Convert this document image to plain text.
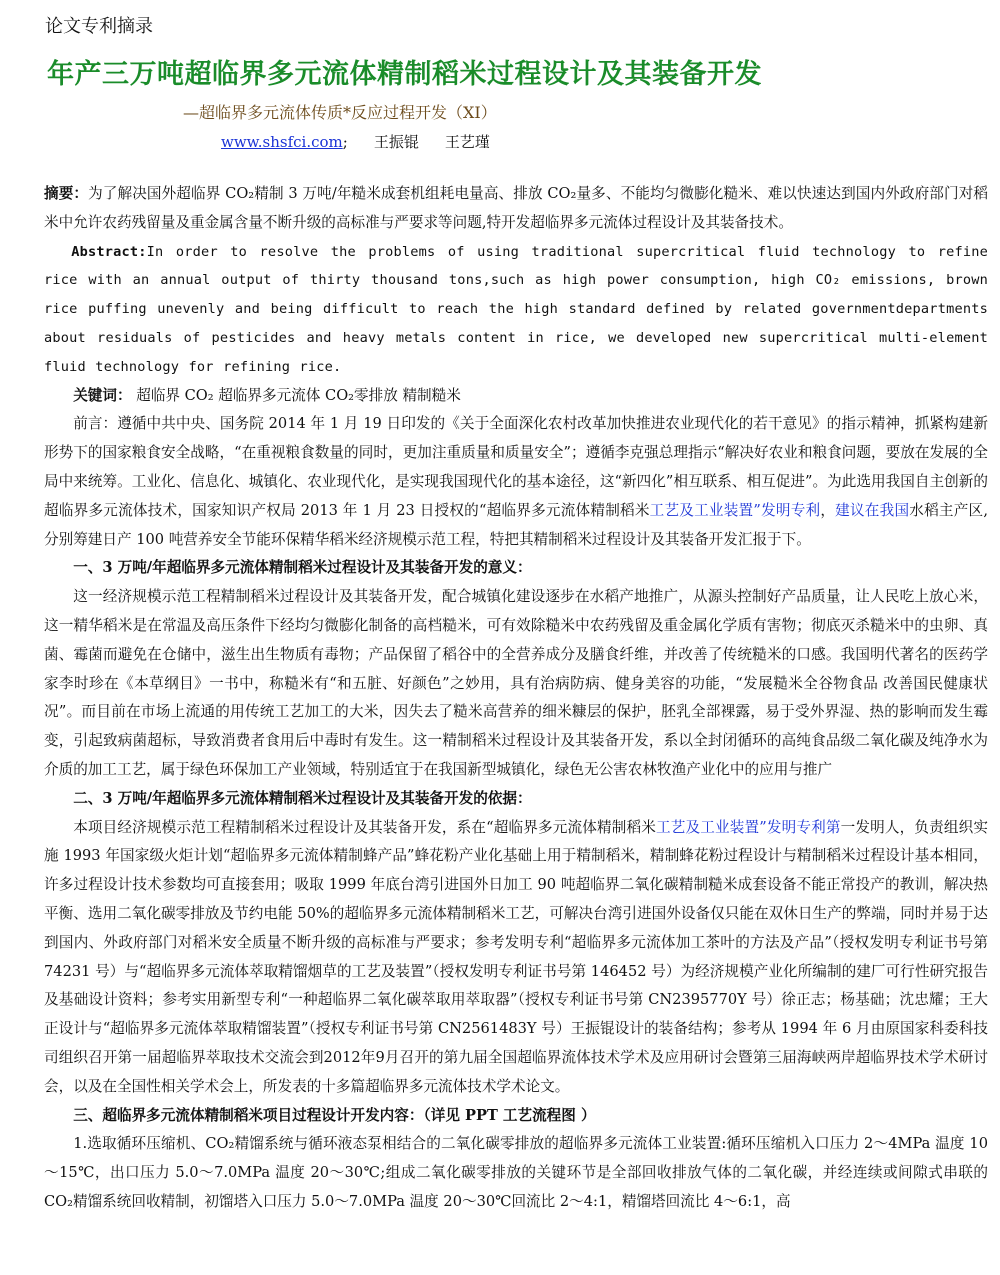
论文专利摘录
年产三万吨超临界多元流体精制稻米过程设计及其装备开发
—超临界多元流体传质*反应过程开发（XI）
www.shsfci.com; 王振锟 王艺瑾

摘要：为了解决国外超临界 CO₂精制 3 万吨/年糙米成套机组耗电量高、排放 CO₂量多、不能均匀微膨化糙米、难以快速达到国内外政府部门对稻米中允许农药残留量及重金属含量不断升级的高标准与严要求等问题,特开发超临界多元流体过程设计及其装备技术。

Abstract:In order to resolve the problems of using traditional supercritical fluid technology to refine rice with an annual output of thirty thousand tons,such as high power consumption, high CO₂ emissions, brown rice puffing unevenly and being difficult to reach the high standard defined by related governmentdepartments about residuals of pesticides and heavy metals content in rice, we developed new supercritical multi-element fluid technology for refining rice.

关键词： 超临界 CO₂ 超临界多元流体 CO₂零排放 精制糙米

前言：遵循中共中央、国务院 2014 年 1 月 19 日印发的《关于全面深化农村改革加快推进农业现代化的若干意见》的指示精神，抓紧构建新形势下的国家粮食安全战略，“在重视粮食数量的同时，更加注重质量和质量安全”；遵循李克强总理指示“解决好农业和粮食问题，要放在发展的全局中来统筹。工业化、信息化、城镇化、农业现代化，是实现我国现代化的基本途径，这“新四化”相互联系、相互促进”。为此选用我国自主创新的超临界多元流体技术，国家知识产权局 2013 年 1 月 23 日授权的“超临界多元流体精制稻米工艺及工业装置”发明专利，建议在我国水稻主产区,分别筹建日产 100 吨营养安全节能环保精华稻米经济规模示范工程，特把其精制稻米过程设计及其装备开发汇报于下。

一、3 万吨/年超临界多元流体精制稻米过程设计及其装备开发的意义：

这一经济规模示范工程精制稻米过程设计及其装备开发，配合城镇化建设逐步在水稻产地推广，从源头控制好产品质量，让人民吃上放心米，这一精华稻米是在常温及高压条件下经均匀微膨化制备的高档糙米，可有效除糙米中农药残留及重金属化学质有害物；彻底灭杀糙米中的虫卵、真菌、霉菌而避免在仓储中，滋生出生物质有毒物；产品保留了稻谷中的全营养成分及膳食纤维，并改善了传统糙米的口感。我国明代著名的医药学家李时珍在《本草纲目》一书中，称糙米有“和五脏、好颜色”之妙用，具有治病防病、健身美容的功能，“发展糙米全谷物食品 改善国民健康状况”。而目前在市场上流通的用传统工艺加工的大米，因失去了糙米高营养的细米糠层的保护，胚乳全部裸露，易于受外界湿、热的影响而发生霉变，引起致病菌超标，导致消费者食用后中毒时有发生。这一精制稻米过程设计及其装备开发，系以全封闭循环的高纯食品级二氧化碳及纯净水为介质的加工工艺，属于绿色环保加工产业领域，特别适宜于在我国新型城镇化，绿色无公害农林牧渔产业化中的应用与推广

二、3 万吨/年超临界多元流体精制稻米过程设计及其装备开发的依据：

本项目经济规模示范工程精制稻米过程设计及其装备开发，系在“超临界多元流体精制稻米工艺及工业装置”发明专利第一发明人，负责组织实施 1993 年国家级火炬计划“超临界多元流体精制蜂产品”蜂花粉产业化基础上用于精制稻米，精制蜂花粉过程设计与精制稻米过程设计基本相同，许多过程设计技术参数均可直接套用；吸取 1999 年底台湾引进国外日加工 90 吨超临界二氧化碳精制糙米成套设备不能正常投产的教训，解决热平衡、选用二氧化碳零排放及节约电能 50%的超临界多元流体精制稻米工艺，可解决台湾引进国外设备仅只能在双休日生产的弊端，同时并易于达到国内、外政府部门对稻米安全质量不断升级的高标准与严要求；参考发明专利“超临界多元流体加工茶叶的方法及产品”（授权发明专利证书号第 74231 号）与“超临界多元流体萃取精馏烟草的工艺及装置”（授权发明专利证书号第 146452 号）为经济规模产业化所编制的建厂可行性研究报告及基础设计资料；参考实用新型专利“一种超临界二氧化碳萃取用萃取器”（授权专利证书号第 CN2395770Y 号）徐正志；杨基础；沈忠耀；王大正设计与“超临界多元流体萃取精馏装置”（授权专利证书号第 CN2561483Y 号）王振锟设计的装备结构；参考从 1994 年 6 月由原国家科委科技司组织召开第一届超临界萃取技术交流会到2012年9月召开的第九届全国超临界流体技术学术及应用研讨会暨第三届海峡两岸超临界技术学术研讨会，以及在全国性相关学术会上，所发表的十多篇超临界多元流体技术学术论文。

三、超临界多元流体精制稻米项目过程设计开发内容：（详见 PPT 工艺流程图 ）

1.选取循环压缩机、CO₂精馏系统与循环液态泵相结合的二氧化碳零排放的超临界多元流体工业装置:循环压缩机入口压力 2～4MPa 温度 10～15℃，出口压力 5.0～7.0MPa 温度 20～30℃;组成二氧化碳零排放的关键环节是全部回收排放气体的二氧化碳，并经连续或间隙式串联的 CO₂精馏系统回收精制，初馏塔入口压力 5.0～7.0MPa 温度 20～30℃回流比 2～4:1，精馏塔回流比 4～6:1，高
